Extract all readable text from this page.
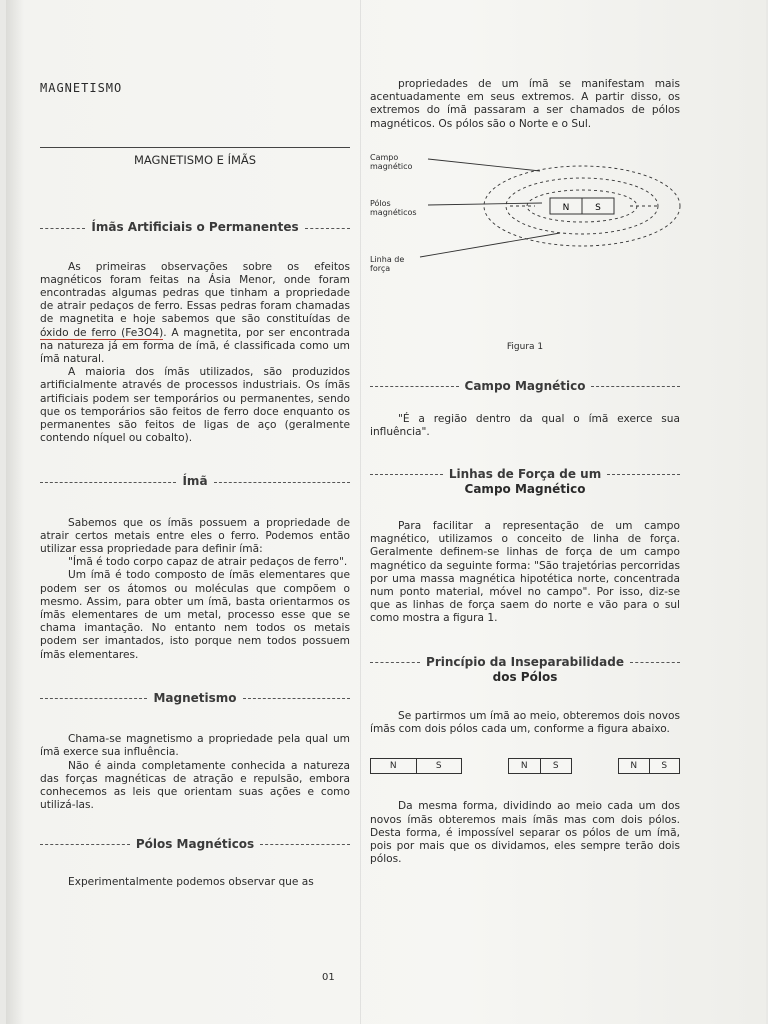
MAGNETISMO
MAGNETISMO E ÍMÃS
Ímãs Artificiais o Permanentes

As primeiras observações sobre os efeitos magnéticos foram feitas na Ásia Menor, onde foram encontradas algumas pedras que tinham a propriedade de atrair pedaços de ferro. Essas pedras foram chamadas de magnetita e hoje sabemos que são constituídas de óxido de ferro (Fe3O4). A magnetita, por ser encontrada na natureza já em forma de ímã, é classificada como um ímã natural.

A maioria dos ímãs utilizados, são produzidos artificialmente através de processos industriais. Os ímãs artificiais podem ser temporários ou permanentes, sendo que os temporários são feitos de ferro doce enquanto os permanentes são feitos de ligas de aço (geralmente contendo níquel ou cobalto).

Ímã

Sabemos que os ímãs possuem a propriedade de atrair certos metais entre eles o ferro. Podemos então utilizar essa propriedade para definir ímã:

"Ímã é todo corpo capaz de atrair pedaços de ferro".

Um ímã é todo composto de ímãs elementares que podem ser os átomos ou moléculas que compõem o mesmo. Assim, para obter um ímã, basta orientarmos os ímãs elementares de um metal, processo esse que se chama imantação. No entanto nem todos os metais podem ser imantados, isto porque nem todos possuem ímãs elementares.

Magnetismo

Chama-se magnetismo a propriedade pela qual um ímã exerce sua influência.

Não é ainda completamente conhecida a natureza das forças magnéticas de atração e repulsão, embora conhecemos as leis que orientam suas ações e como utilizá-las.

Pólos Magnéticos

Experimentalmente podemos observar que as

propriedades de um ímã se manifestam mais acentuadamente em seus extremos. A partir disso, os extremos do ímã passaram a ser chamados de pólos magnéticos. Os pólos são o Norte e o Sul.

Campo magnético
Pólos magnéticos
Linha de força
N	S
Figura 1
Campo Magnético

"É a região dentro da qual o ímã exerce sua influência".

Linhas de Força de um
Campo Magnético

Para facilitar a representação de um campo magnético, utilizamos o conceito de linha de força. Geralmente definem-se linhas de força de um campo magnético da seguinte forma: "São trajetórias percorridas por uma massa magnética hipotética norte, concentrada num ponto material, móvel no campo". Por isso, diz-se que as linhas de força saem do norte e vão para o sul como mostra a figura 1.

Princípio da Inseparabilidade
dos Pólos

Se partirmos um ímã ao meio, obteremos dois novos ímãs com dois pólos cada um, conforme a figura abaixo.

N	S	N	S	N	S

Da mesma forma, dividindo ao meio cada um dos novos ímãs obteremos mais ímãs mas com dois pólos. Desta forma, é impossível separar os pólos de um ímã, pois por mais que os dividamos, eles sempre terão dois pólos.

01
